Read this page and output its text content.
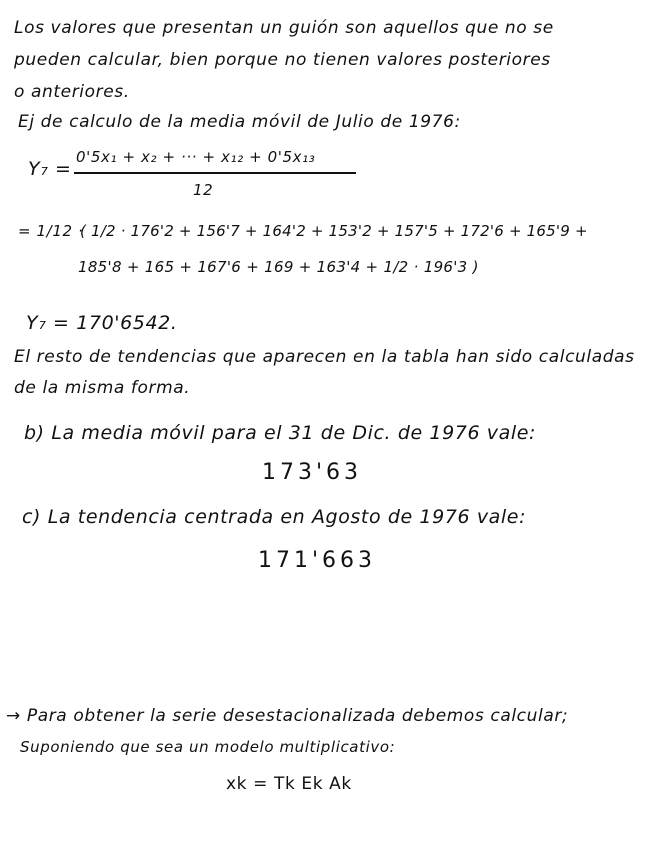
Los valores que presentan un guión son aquellos que no se
pueden calcular, bien porque no tienen valores posteriores
o anteriores.
Ej de calculo de la media móvil de Julio de 1976:
Y₇ =
0'5x₁ + x₂ + ··· + x₁₂ + 0'5x₁₃
12
= 1/12 ·
( 1/2 · 176'2 + 156'7 + 164'2 + 153'2 + 157'5 + 172'6 + 165'9 +
185'8 + 165 + 167'6 + 169 + 163'4 + 1/2 · 196'3 )
Y₇ = 170'6542.
El resto de tendencias que aparecen en la tabla han sido calculadas
de la misma forma.
b) La media móvil para el 31 de Dic. de 1976 vale:
173'63
c) La tendencia centrada en Agosto de 1976 vale:
171'663
→ Para obtener la serie desestacionalizada debemos calcular;
Suponiendo que sea un modelo multiplicativo:
xk = Tk Ek Ak
